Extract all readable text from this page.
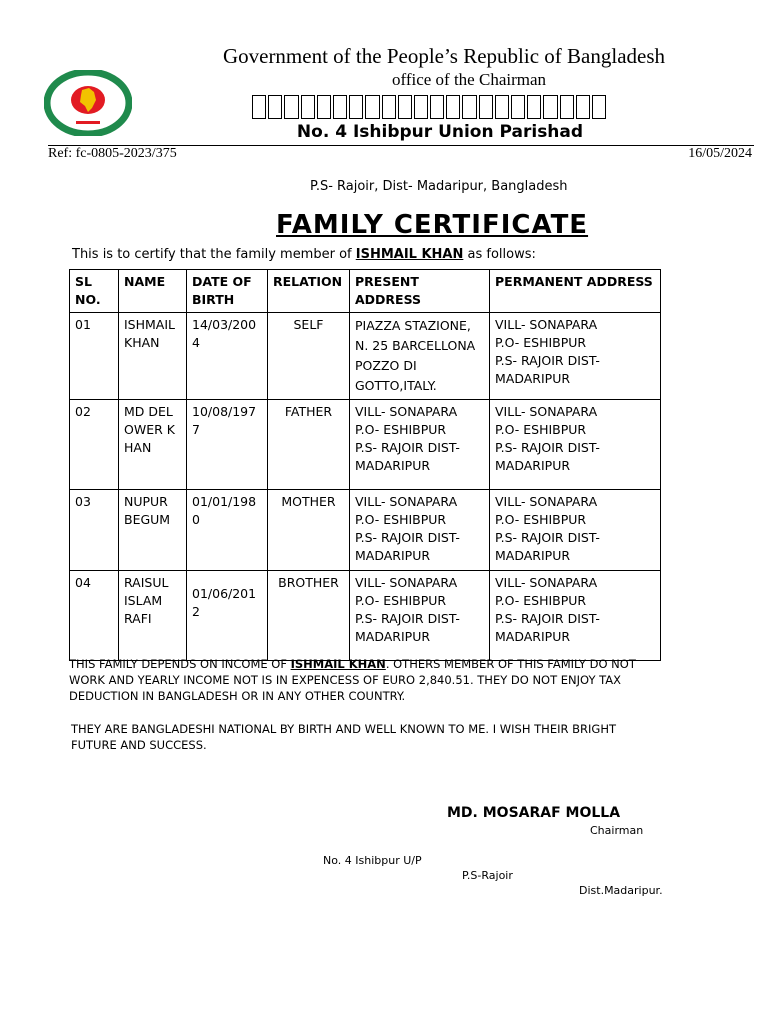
Government of the People’s Republic of Bangladesh
office of the Chairman
No. 4 Ishibpur Union Parishad
Ref: fc-0805-2023/375	16/05/2024
P.S- Rajoir, Dist- Madaripur, Bangladesh
FAMILY CERTIFICATE
This is to certify that the family member of ISHMAIL KHAN as follows:
SL NO.	NAME	DATE OF BIRTH	RELATION	PRESENT ADDRESS	PERMANENT ADDRESS
01	ISHMAIL KHAN	14/03/2004	SELF	PIAZZA STAZIONE, N. 25 BARCELLONA POZZO DI GOTTO,ITALY.	VILL- SONAPARA P.O- ESHIBPUR P.S- RAJOIR DIST- MADARIPUR
02	MD DELOWER KHAN	10/08/1977	FATHER	VILL- SONAPARA P.O- ESHIBPUR P.S- RAJOIR DIST- MADARIPUR	VILL- SONAPARA P.O- ESHIBPUR P.S- RAJOIR DIST- MADARIPUR
03	NUPUR BEGUM	01/01/1980	MOTHER	VILL- SONAPARA P.O- ESHIBPUR P.S- RAJOIR DIST- MADARIPUR	VILL- SONAPARA P.O- ESHIBPUR P.S- RAJOIR DIST- MADARIPUR
04	RAISUL ISLAM RAFI	01/06/2012	BROTHER	VILL- SONAPARA P.O- ESHIBPUR P.S- RAJOIR DIST- MADARIPUR	VILL- SONAPARA P.O- ESHIBPUR P.S- RAJOIR DIST- MADARIPUR
THIS FAMILY DEPENDS ON INCOME OF ISHMAIL KHAN. OTHERS MEMBER OF THIS FAMILY DO NOT WORK AND YEARLY INCOME NOT IS IN EXPENCESS OF EURO 2,840.51. THEY DO NOT ENJOY TAX DEDUCTION IN BANGLADESH OR IN ANY OTHER COUNTRY.
THEY ARE BANGLADESHI NATIONAL BY BIRTH AND WELL KNOWN TO ME. I WISH THEIR BRIGHT FUTURE AND SUCCESS.
MD. MOSARAF MOLLA
Chairman
No. 4 Ishibpur U/P
P.S-Rajoir
Dist.Madaripur.
